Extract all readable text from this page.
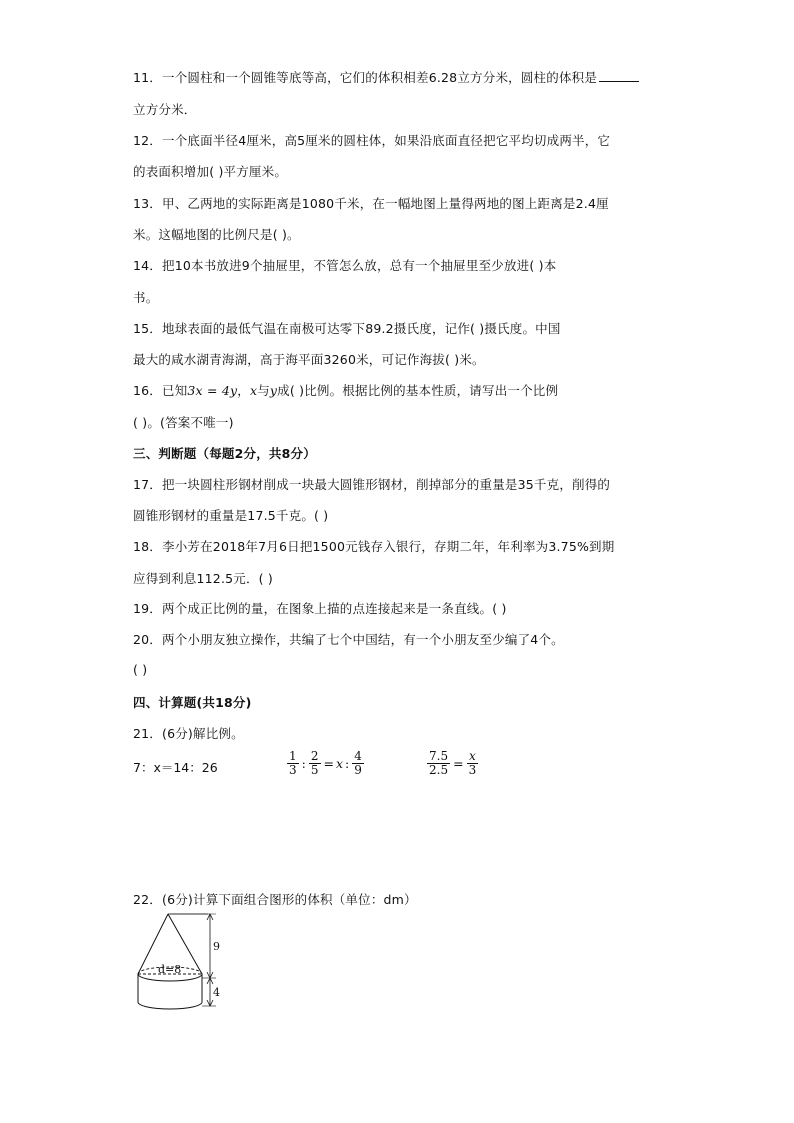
11．一个圆柱和一个圆锥等底等高，它们的体积相差6.28立方分米，圆柱的体积是
立方分米．
12．一个底面半径4厘米，高5厘米的圆柱体，如果沿底面直径把它平均切成两半，它
的表面积增加( )平方厘米。
13．甲、乙两地的实际距离是1080千米，在一幅地图上量得两地的图上距离是2.4厘
米。这幅地图的比例尺是( )。
14．把10本书放进9个抽屉里，不管怎么放，总有一个抽屉里至少放进( )本
书。
15．地球表面的最低气温在南极可达零下89.2摄氏度，记作( )摄氏度。中国
最大的咸水湖青海湖，高于海平面3260米，可记作海拔( )米。
16．已知3x = 4y，x与y成( )比例。根据比例的基本性质，请写出一个比例
( )。(答案不唯一)
三、判断题（每题2分，共8分）
17．把一块圆柱形钢材削成一块最大圆锥形钢材，削掉部分的重量是35千克，削得的
圆锥形钢材的重量是17.5千克。( )
18．李小芳在2018年7月6日把1500元钱存入银行，存期二年，年利率为3.75%到期
应得到利息112.5元．( )
19．两个成正比例的量，在图象上描的点连接起来是一条直线。( )
20．两个小朋友独立操作，共编了七个中国结，有一个小朋友至少编了4个。
( )
四、计算题(共18分)
21．(6分)解比例。
7：x＝14：26	$\frac{1}{3}$ : $\frac{2}{5} = x$ : $\frac{4}{9}$	$\frac{7.5}{2.5} = \frac{x}{3}$
22．(6分)计算下面组合图形的体积（单位：dm）
d=8
9
4
